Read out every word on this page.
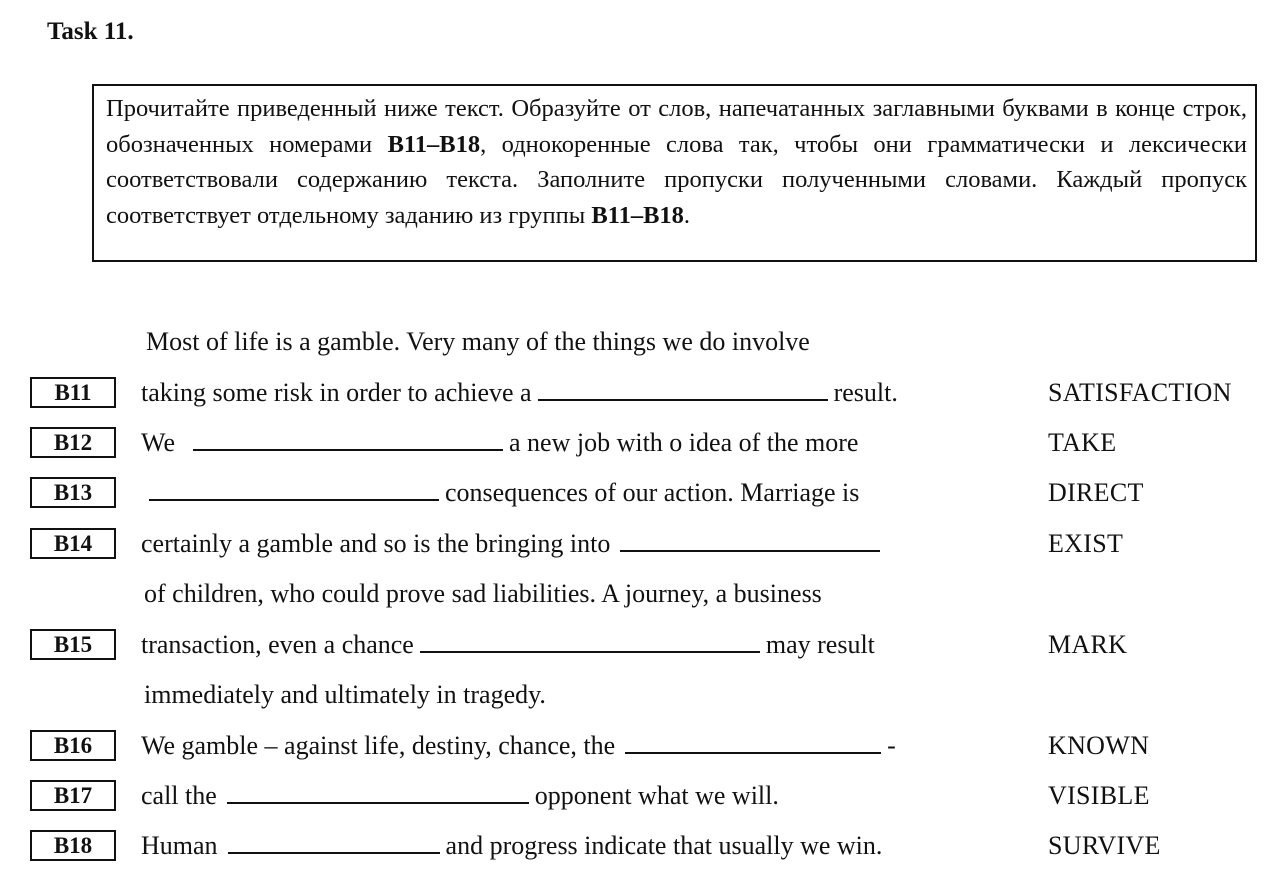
Task 11.
Прочитайте приведенный ниже текст. Образуйте от слов, напечатанных заглавными буквами в конце строк, обозначенных номерами B11–B18, однокоренные слова так, чтобы они грамматически и лексически соответствовали содержанию текста. Заполните пропуски полученными словами. Каждый пропуск соответствует отдельному заданию из группы B11–B18.
Most of life is a gamble. Very many of the things we do involve
B11	taking some risk in order to achieve a	result.	SATISFACTION
B12	We	a new job with o idea of the more	TAKE
B13	consequences of our action. Marriage is	DIRECT
B14	certainly a gamble and so is the bringing into	EXIST
of children, who could prove sad liabilities. A journey, a business
B15	transaction, even a chance	may result	MARK
immediately and ultimately in tragedy.
B16	We gamble – against life, destiny, chance, the	-	KNOWN
B17	call the	opponent what we will.	VISIBLE
B18	Human	and progress indicate that usually we win.	SURVIVE
